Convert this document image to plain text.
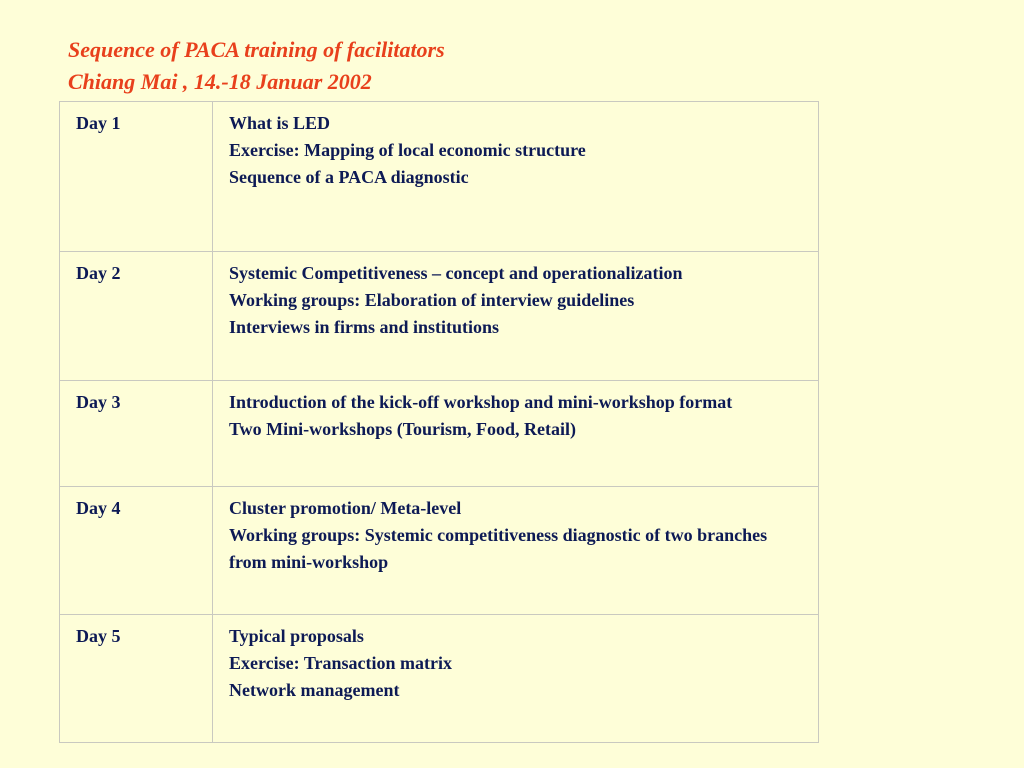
Sequence of PACA training of facilitators
Chiang Mai , 14.-18 Januar 2002
Day 1	What is LED
Exercise: Mapping of local economic structure
Sequence of a PACA diagnostic

Day 2	Systemic Competitiveness – concept and operationalization
Working groups: Elaboration of interview guidelines
Interviews in firms and institutions

Day 3	Introduction of the kick-off workshop and mini-workshop format
Two Mini-workshops (Tourism, Food, Retail)

Day 4	Cluster promotion/ Meta-level
Working groups: Systemic competitiveness diagnostic of two branches from mini-workshop

Day 5	Typical proposals
Exercise: Transaction matrix
Network management
